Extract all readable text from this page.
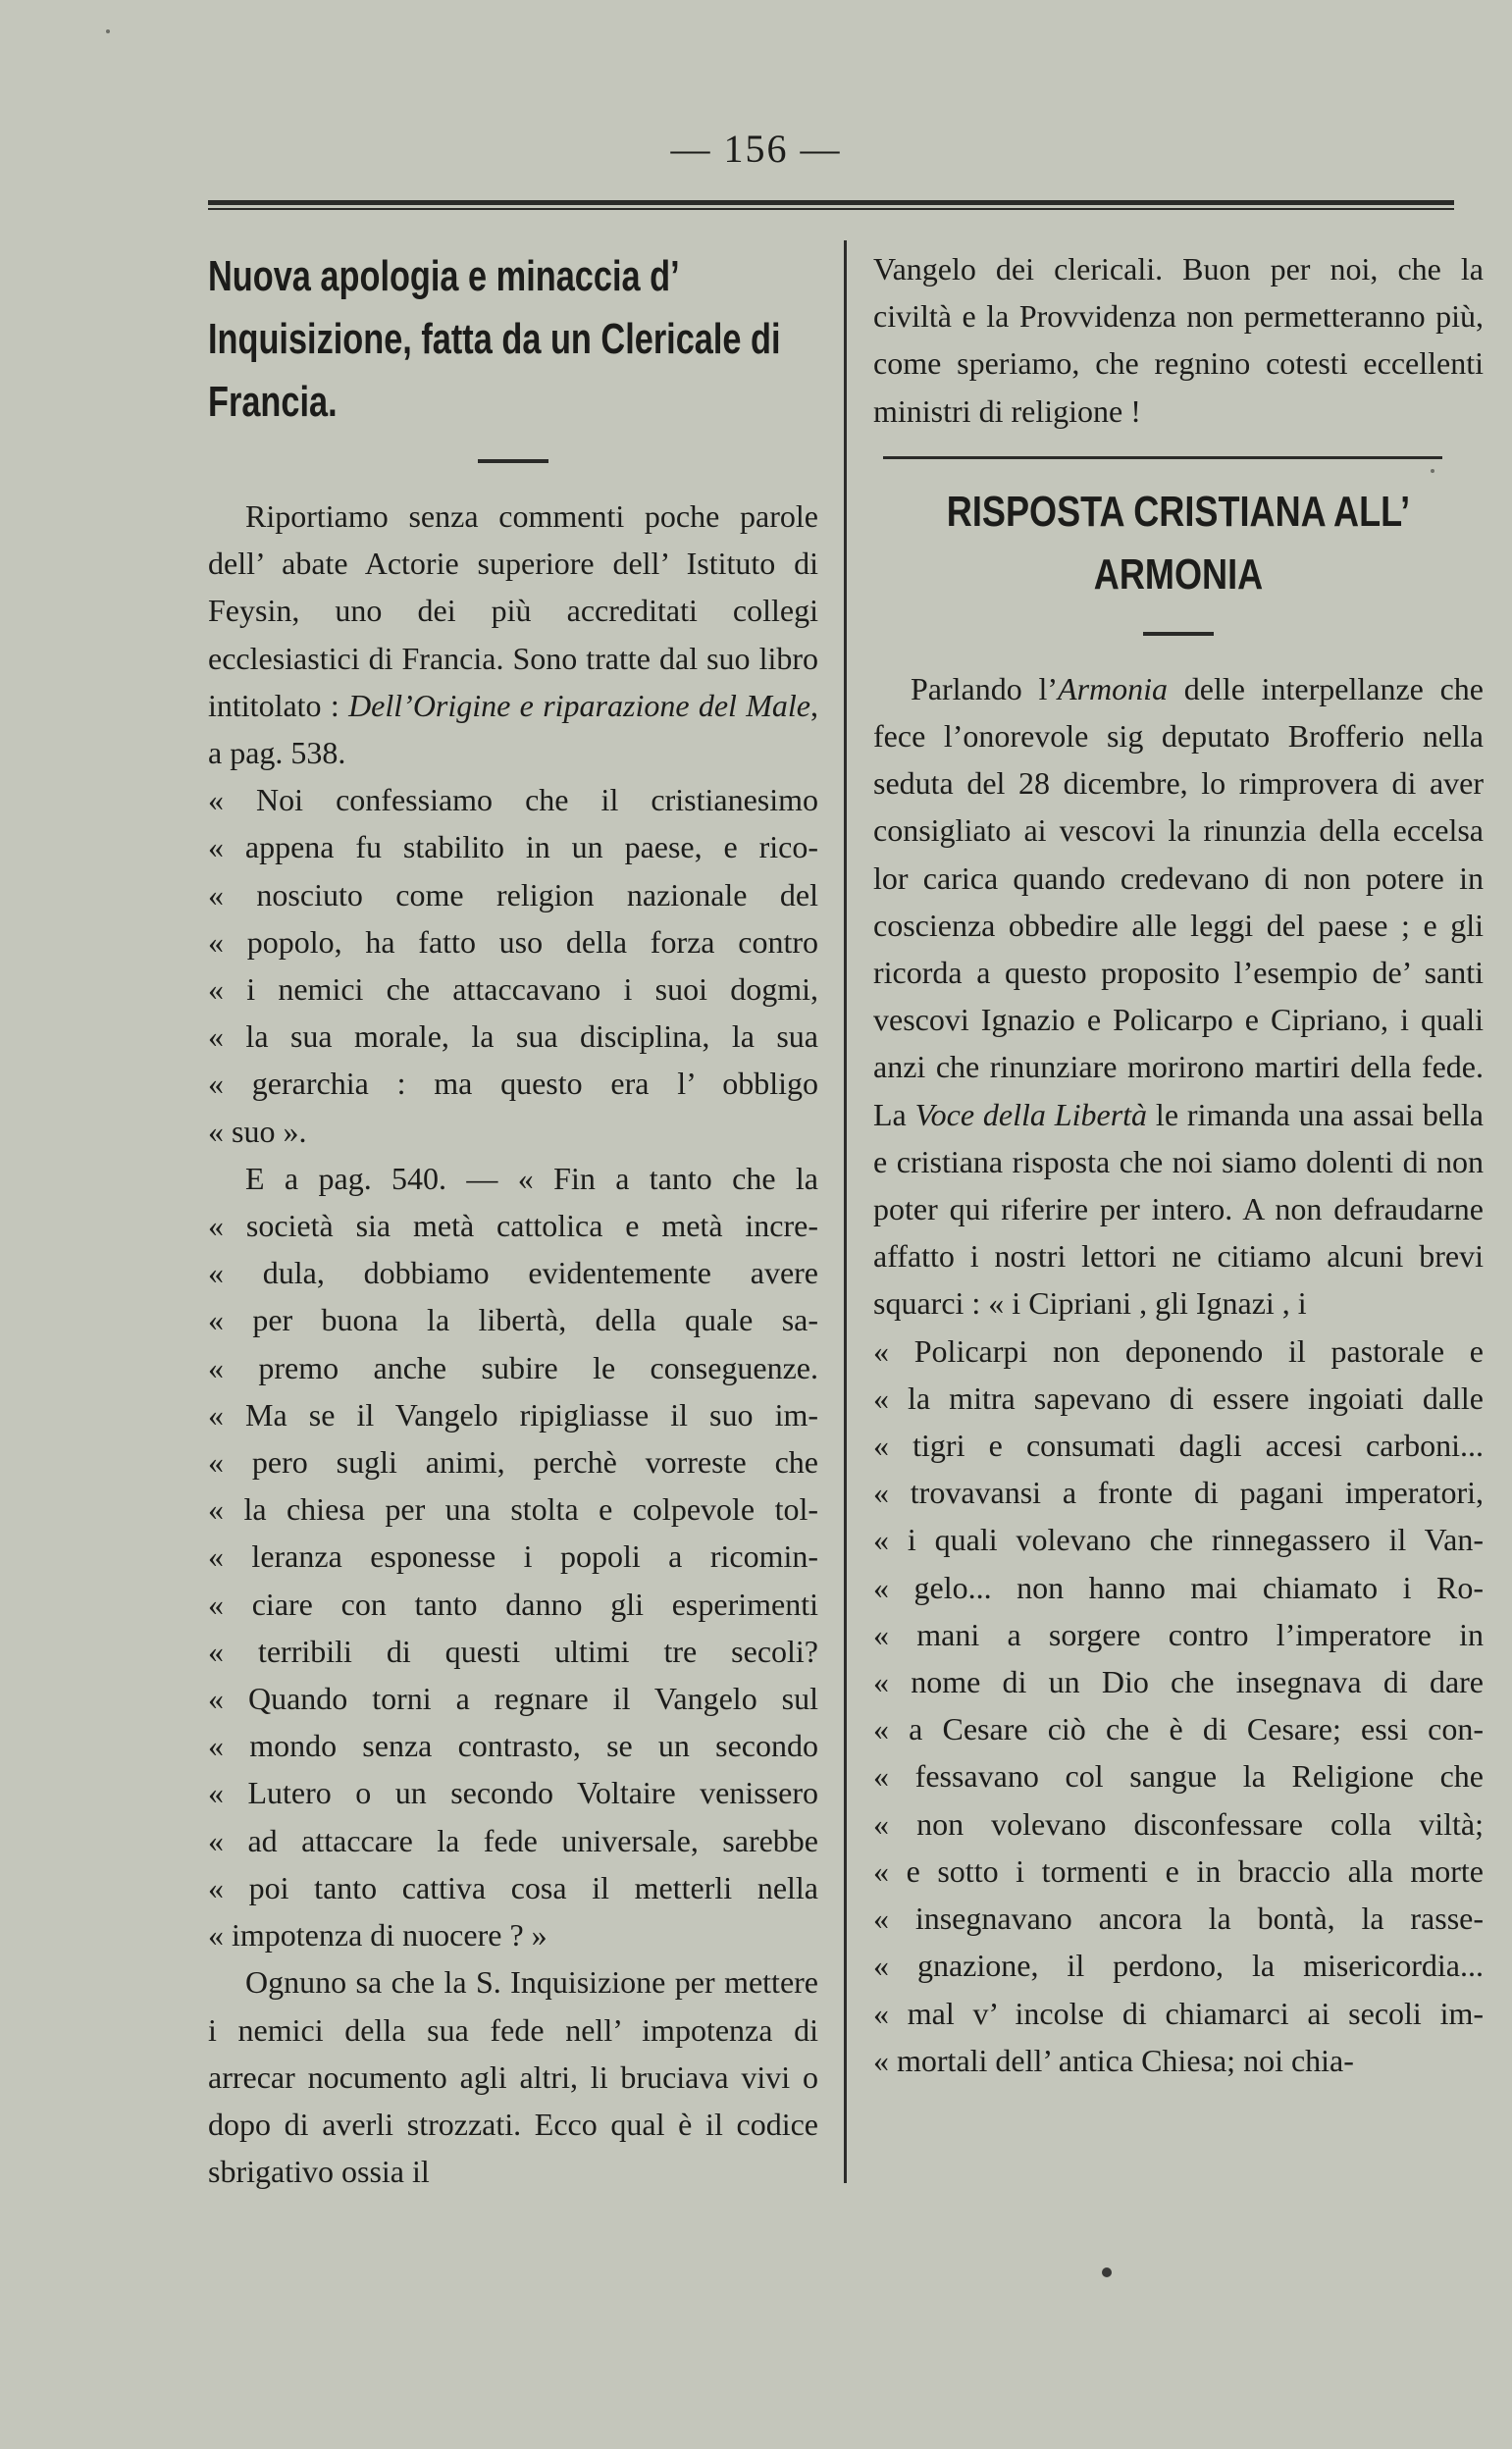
— 156 —
Nuova apologia e minaccia d’ Inquisizione, fatta da un Clericale di Francia.

Riportiamo senza commenti poche parole dell’ abate Actorie superiore dell’ Istituto di Feysin, uno dei più accreditati collegi ecclesiastici di Francia. Sono tratte dal suo libro intitolato : Dell’Origine e riparazione del Male, a pag. 538.

« Noi confessiamo che il cristianesimo
« appena fu stabilito in un paese, e rico-
« nosciuto come religion nazionale del
« popolo, ha fatto uso della forza contro
« i nemici che attaccavano i suoi dogmi,
« la sua morale, la sua disciplina, la sua
« gerarchia : ma questo era l’ obbligo
« suo ».

E a pag. 540. — « Fin a tanto che la

« società sia metà cattolica e metà incre-
« dula, dobbiamo evidentemente avere
« per buona la libertà, della quale sa-
« premo anche subire le conseguenze.
« Ma se il Vangelo ripigliasse il suo im-
« pero sugli animi, perchè vorreste che
« la chiesa per una stolta e colpevole tol-
« leranza esponesse i popoli a ricomin-
« ciare con tanto danno gli esperimenti
« terribili di questi ultimi tre secoli?
« Quando torni a regnare il Vangelo sul
« mondo senza contrasto, se un secondo
« Lutero o un secondo Voltaire venissero
« ad attaccare la fede universale, sarebbe
« poi tanto cattiva cosa il metterli nella
« impotenza di nuocere ? »

Ognuno sa che la S. Inquisizione per mettere i nemici della sua fede nell’ impotenza di arrecar nocumento agli altri, li bruciava vivi o dopo di averli strozzati. Ecco qual è il codice sbrigativo ossia il

Vangelo dei clericali. Buon per noi, che la civiltà e la Provvidenza non permetteranno più, come speriamo, che regnino cotesti eccellenti ministri di religione !

RISPOSTA CRISTIANA ALL’ ARMONIA

Parlando l’Armonia delle interpellanze che fece l’onorevole sig deputato Brofferio nella seduta del 28 dicembre, lo rimprovera di aver consigliato ai vescovi la rinunzia della eccelsa lor carica quando credevano di non potere in coscienza obbedire alle leggi del paese ; e gli ricorda a questo proposito l’esempio de’ santi vescovi Ignazio e Policarpo e Cipriano, i quali anzi che rinunziare morirono martiri della fede. La Voce della Libertà le rimanda una assai bella e cristiana risposta che noi siamo dolenti di non poter qui riferire per intero. A non defraudarne affatto i nostri lettori ne citiamo alcuni brevi squarci : « i Cipriani , gli Ignazi , i

« Policarpi non deponendo il pastorale e
« la mitra sapevano di essere ingoiati dalle
« tigri e consumati dagli accesi carboni...
« trovavansi a fronte di pagani imperatori,
« i quali volevano che rinnegassero il Van-
« gelo... non hanno mai chiamato i Ro-
« mani a sorgere contro l’imperatore in
« nome di un Dio che insegnava di dare
« a Cesare ciò che è di Cesare; essi con-
« fessavano col sangue la Religione che
« non volevano disconfessare colla viltà;
« e sotto i tormenti e in braccio alla morte
« insegnavano ancora la bontà, la rasse-
« gnazione, il perdono, la misericordia...
« mal v’ incolse di chiamarci ai secoli im-
« mortali dell’ antica Chiesa; noi chia-
